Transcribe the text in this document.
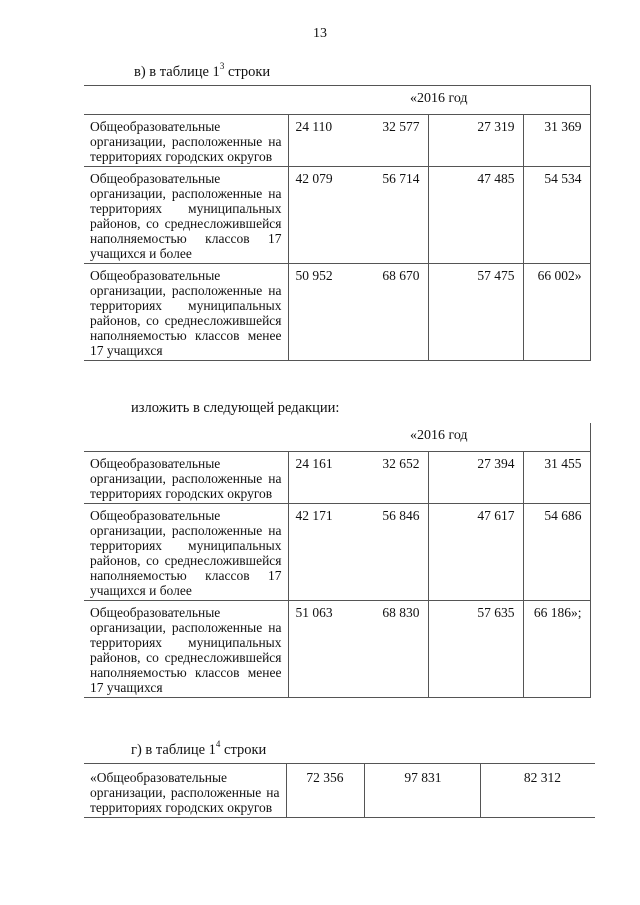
13
в) в таблице $1^3$ строки
	«2016 год			
Общеобразовательные организации, расположенные на территориях городских округов	24 110	32 577	27 319	31 369
Общеобразовательные организации, расположенные на территориях муниципальных районов, со среднесложившейся наполняемостью классов 17 учащихся и более	42 079	56 714	47 485	54 534
Общеобразовательные организации, расположенные на территориях муниципальных районов, со среднесложившейся наполняемостью классов менее 17 учащихся	50 952	68 670	57 475	66 002»
изложить в следующей редакции:
	«2016 год			
Общеобразовательные организации, расположенные на территориях городских округов	24 161	32 652	27 394	31 455
Общеобразовательные организации, расположенные на территориях муниципальных районов, со среднесложившейся наполняемостью классов 17 учащихся и более	42 171	56 846	47 617	54 686
Общеобразовательные организации, расположенные на территориях муниципальных районов, со среднесложившейся наполняемостью классов менее 17 учащихся	51 063	68 830	57 635	66 186»;
г) в таблице $1^4$ строки
«Общеобразовательные организации, расположенные на территориях городских округов	72 356	97 831	82 312
